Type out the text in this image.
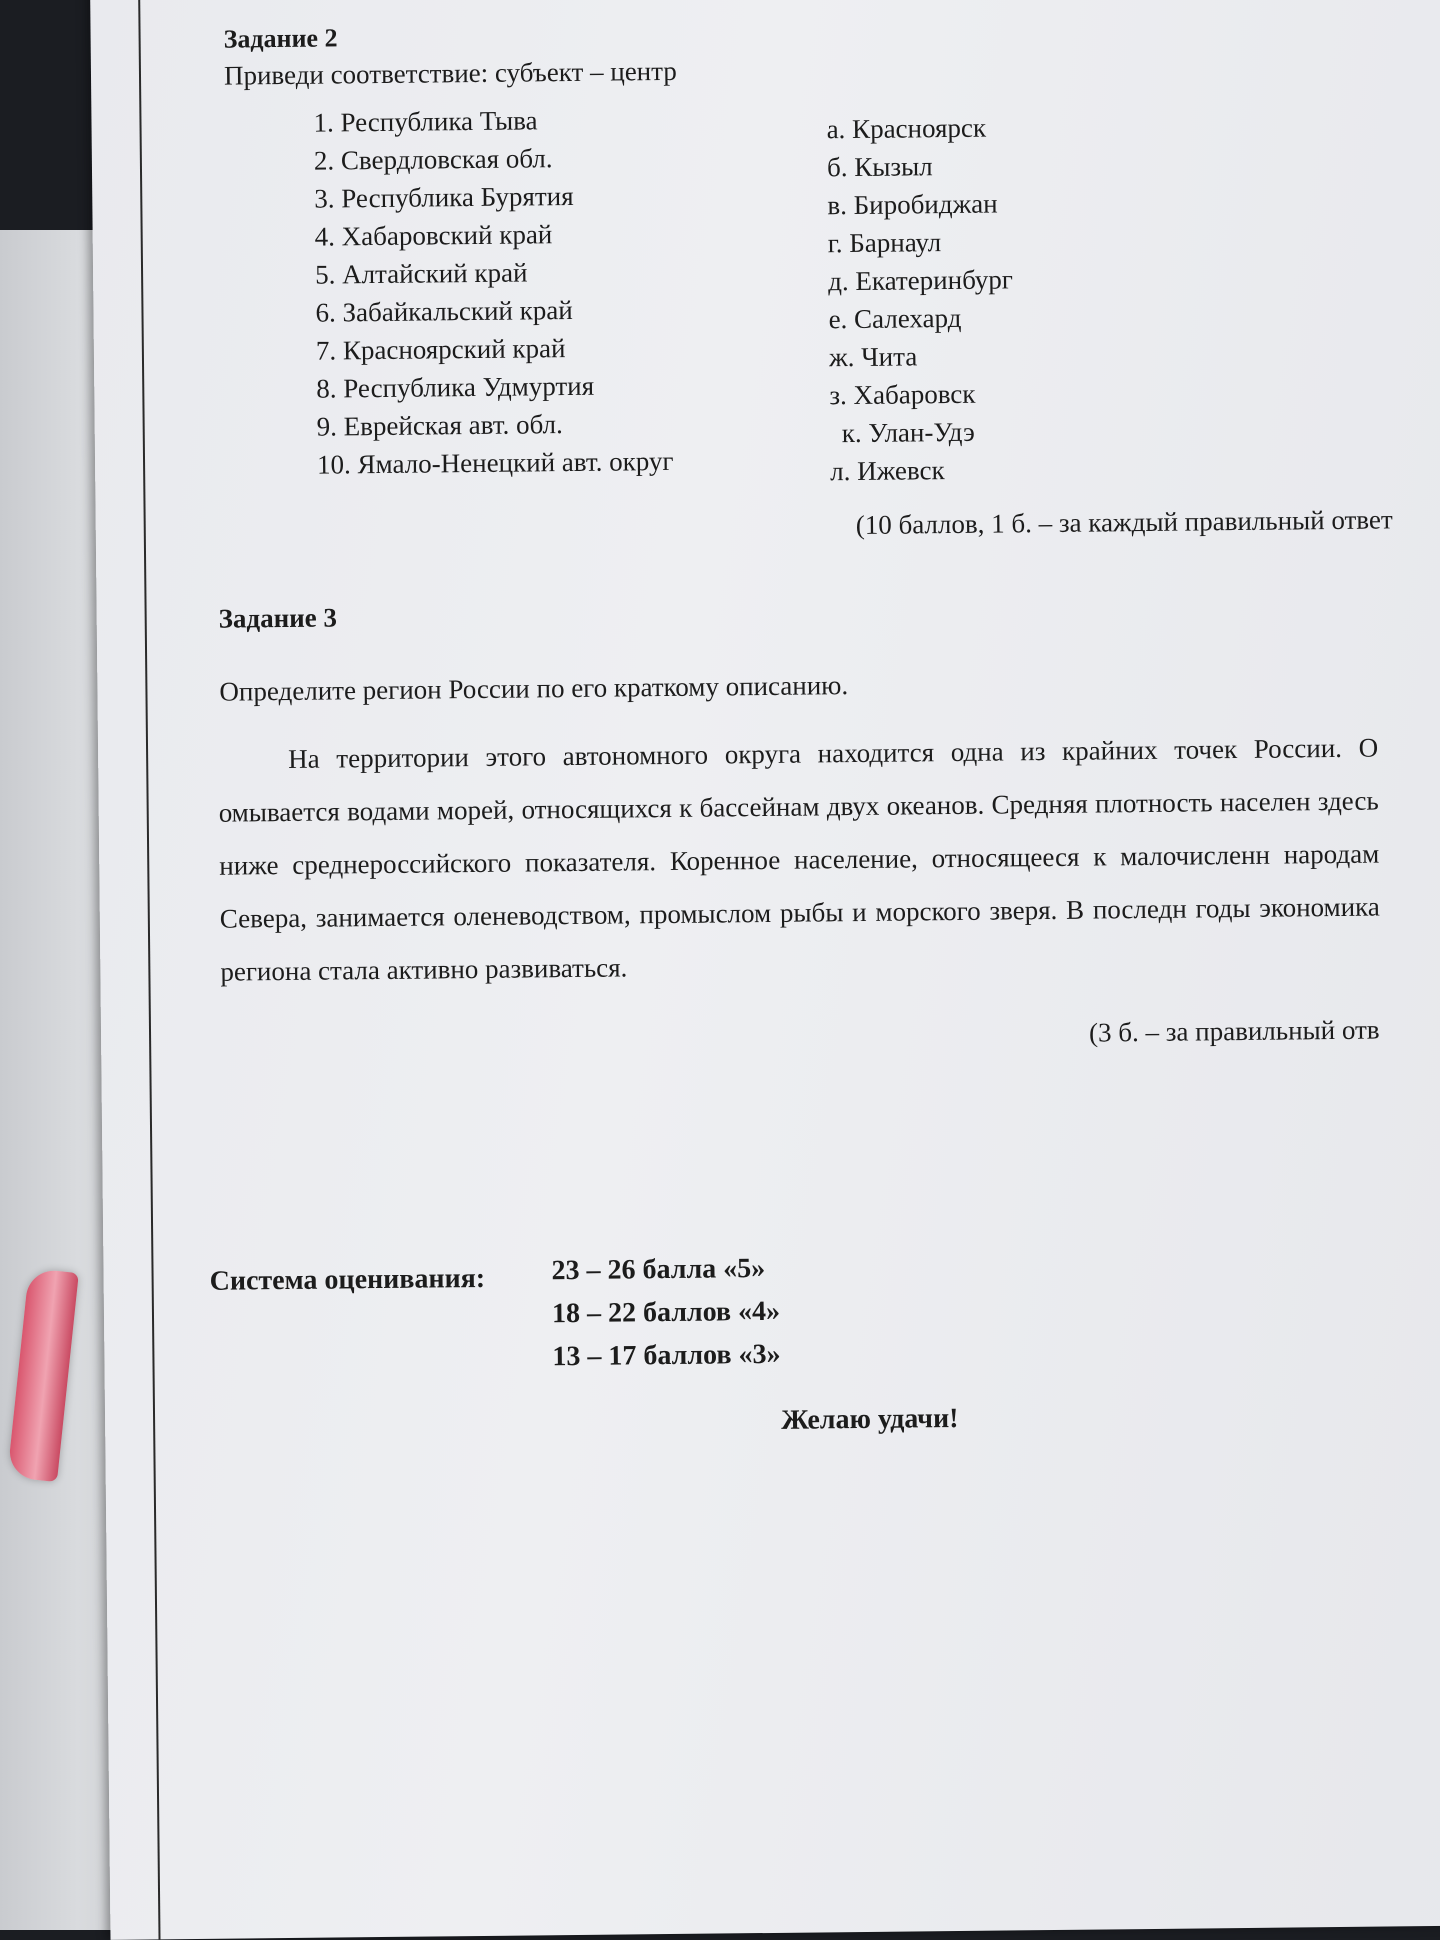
Задание 2
Приведи соответствие: субъект – центр
1. Республика Тыва
2. Свердловская обл.
3. Республика Бурятия
4. Хабаровский край
5. Алтайский край
6. Забайкальский край
7. Красноярский край
8. Республика Удмуртия
9. Еврейская авт. обл.
10. Ямало-Ненецкий авт. округ
а. Красноярск
б. Кызыл
в. Биробиджан
г. Барнаул
д. Екатеринбург
е. Салехард
ж. Чита
з. Хабаровск
к. Улан-Удэ
л. Ижевск
(10 баллов, 1 б. – за каждый правильный ответ
Задание 3
Определите регион России по его краткому описанию.
На территории этого автономного округа находится одна из крайних точек России. О омывается водами морей, относящихся к бассейнам двух океанов. Средняя плотность населен здесь ниже среднероссийского показателя. Коренное население, относящееся к малочисленн народам Севера, занимается оленеводством, промыслом рыбы и морского зверя. В последн годы экономика региона стала активно развиваться.
(3 б. – за правильный отв
Система оценивания: 23 – 26 балла «5»
18 – 22 баллов «4»
13 – 17 баллов «3»
Желаю удачи!
